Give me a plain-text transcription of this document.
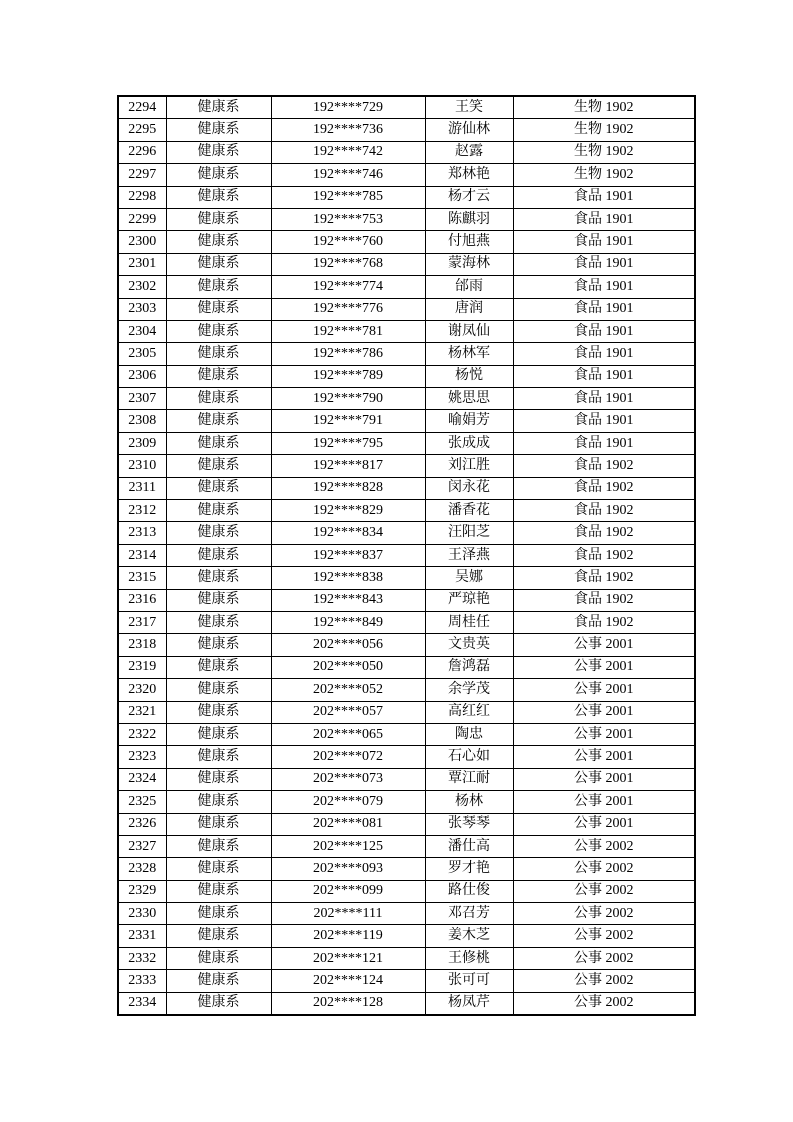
2294	健康系	192****729	王笑	生物 1902
2295	健康系	192****736	游仙林	生物 1902
2296	健康系	192****742	赵露	生物 1902
2297	健康系	192****746	郑林艳	生物 1902
2298	健康系	192****785	杨才云	食品 1901
2299	健康系	192****753	陈麒羽	食品 1901
2300	健康系	192****760	付旭燕	食品 1901
2301	健康系	192****768	蒙海林	食品 1901
2302	健康系	192****774	邰雨	食品 1901
2303	健康系	192****776	唐润	食品 1901
2304	健康系	192****781	谢凤仙	食品 1901
2305	健康系	192****786	杨林军	食品 1901
2306	健康系	192****789	杨悦	食品 1901
2307	健康系	192****790	姚思思	食品 1901
2308	健康系	192****791	喻娟芳	食品 1901
2309	健康系	192****795	张成成	食品 1901
2310	健康系	192****817	刘江胜	食品 1902
2311	健康系	192****828	闵永花	食品 1902
2312	健康系	192****829	潘香花	食品 1902
2313	健康系	192****834	汪阳芝	食品 1902
2314	健康系	192****837	王泽燕	食品 1902
2315	健康系	192****838	吴娜	食品 1902
2316	健康系	192****843	严琼艳	食品 1902
2317	健康系	192****849	周桂任	食品 1902
2318	健康系	202****056	文贵英	公事 2001
2319	健康系	202****050	詹鸿磊	公事 2001
2320	健康系	202****052	余学茂	公事 2001
2321	健康系	202****057	高红红	公事 2001
2322	健康系	202****065	陶忠	公事 2001
2323	健康系	202****072	石心如	公事 2001
2324	健康系	202****073	覃江耐	公事 2001
2325	健康系	202****079	杨林	公事 2001
2326	健康系	202****081	张琴琴	公事 2001
2327	健康系	202****125	潘仕高	公事 2002
2328	健康系	202****093	罗才艳	公事 2002
2329	健康系	202****099	路仕俊	公事 2002
2330	健康系	202****111	邓召芳	公事 2002
2331	健康系	202****119	姜木芝	公事 2002
2332	健康系	202****121	王修桃	公事 2002
2333	健康系	202****124	张可可	公事 2002
2334	健康系	202****128	杨凤芹	公事 2002
